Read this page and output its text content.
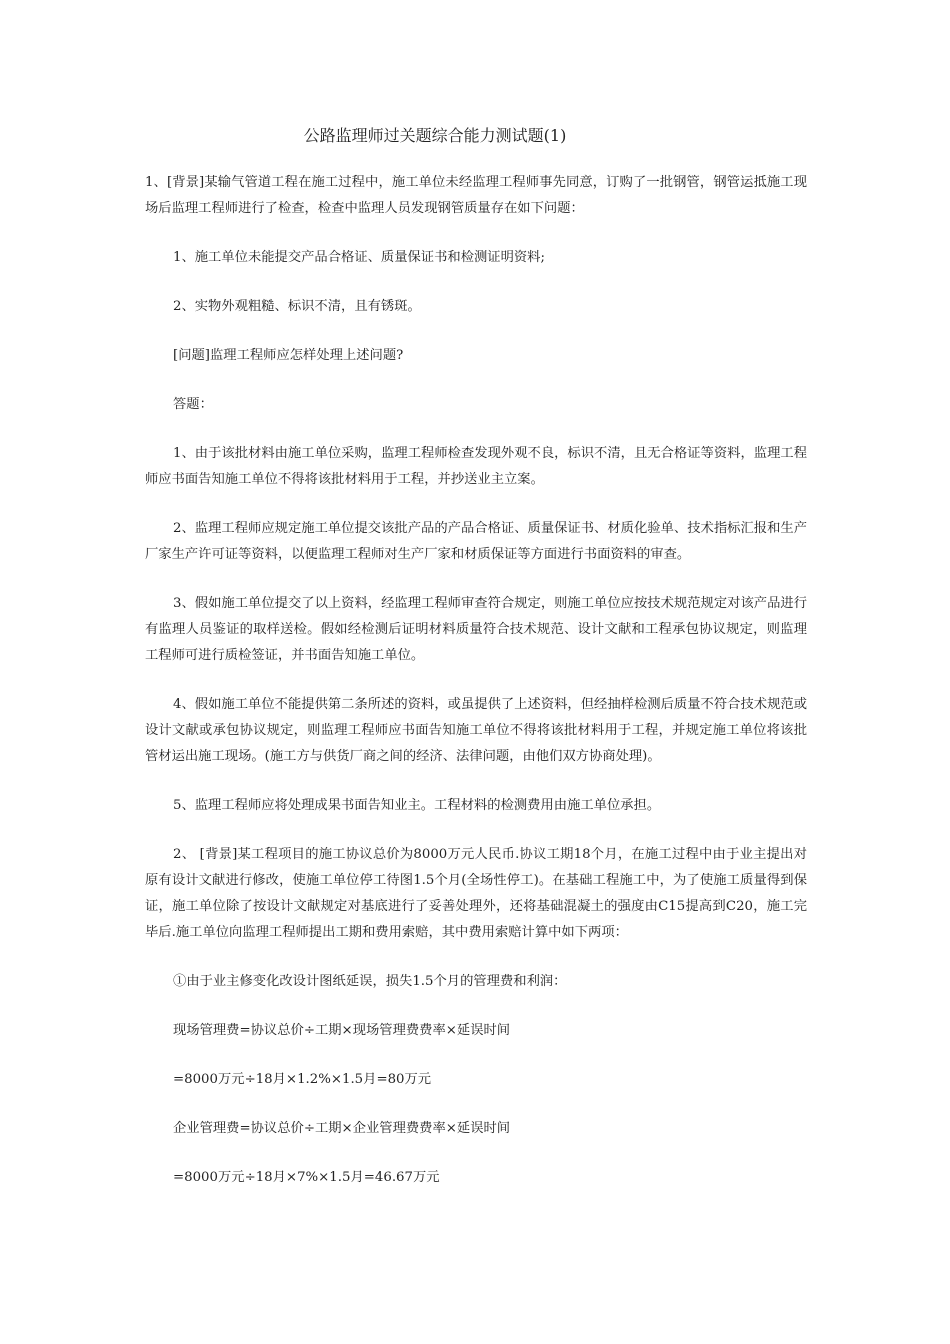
公路监理师过关题综合能力测试题(1)

1、[背景]某输气管道工程在施工过程中，施工单位未经监理工程师事先同意，订购了一批钢管，钢管运抵施工现场后监理工程师进行了检查，检查中监理人员发现钢管质量存在如下问题：

1、施工单位未能提交产品合格证、质量保证书和检测证明资料;

2、实物外观粗糙、标识不清，且有锈斑。

[问题]监理工程师应怎样处理上述问题?

答题：

1、由于该批材料由施工单位采购，监理工程师检查发现外观不良，标识不清，且无合格证等资料，监理工程师应书面告知施工单位不得将该批材料用于工程，并抄送业主立案。

2、监理工程师应规定施工单位提交该批产品的产品合格证、质量保证书、材质化验单、技术指标汇报和生产厂家生产许可证等资料，以便监理工程师对生产厂家和材质保证等方面进行书面资料的审查。

3、假如施工单位提交了以上资料，经监理工程师审查符合规定，则施工单位应按技术规范规定对该产品进行有监理人员鉴证的取样送检。假如经检测后证明材料质量符合技术规范、设计文献和工程承包协议规定，则监理工程师可进行质检签证，并书面告知施工单位。

4、假如施工单位不能提供第二条所述的资料，或虽提供了上述资料，但经抽样检测后质量不符合技术规范或设计文献或承包协议规定，则监理工程师应书面告知施工单位不得将该批材料用于工程，并规定施工单位将该批管材运出施工现场。(施工方与供货厂商之间的经济、法律问题，由他们双方协商处理)。

5、监理工程师应将处理成果书面告知业主。工程材料的检测费用由施工单位承担。

2、 [背景]某工程项目的施工协议总价为8000万元人民币.协议工期18个月，在施工过程中由于业主提出对原有设计文献进行修改，使施工单位停工待图1.5个月(全场性停工)。在基础工程施工中，为了使施工质量得到保证，施工单位除了按设计文献规定对基底进行了妥善处理外，还将基础混凝土的强度由C15提高到C20，施工完毕后.施工单位向监理工程师提出工期和费用索赔，其中费用索赔计算中如下两项：

①由于业主修变化改设计图纸延误，损失1.5个月的管理费和利润：

现场管理费=协议总价÷工期×现场管理费费率×延误时间

=8000万元÷18月×1.2%×1.5月=80万元

企业管理费=协议总价÷工期×企业管理费费率×延误时间

=8000万元÷18月×7%×1.5月=46.67万元
